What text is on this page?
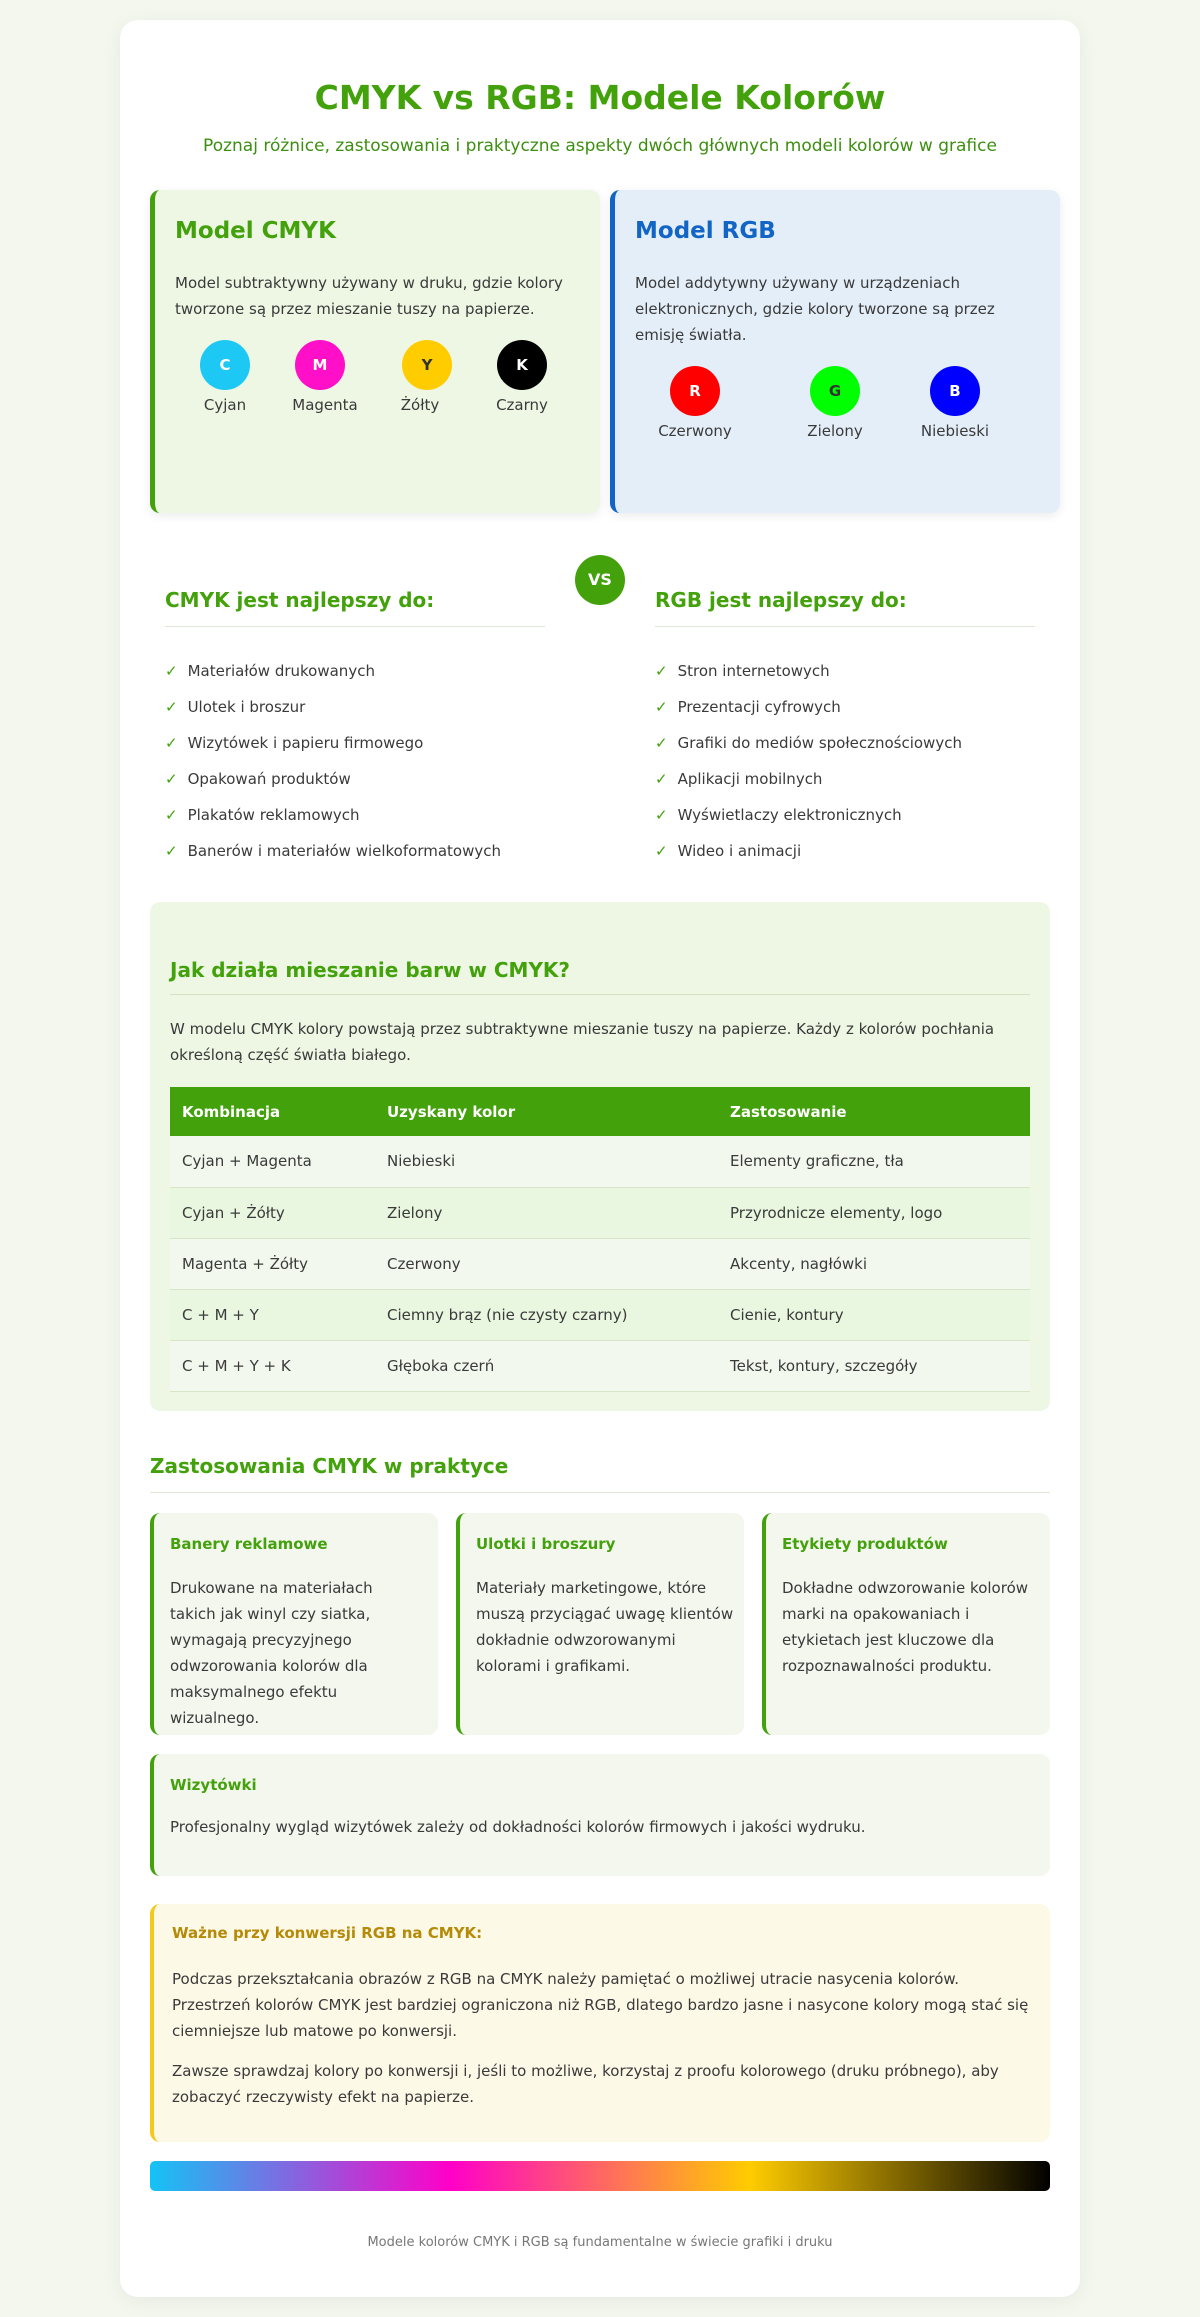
CMYK vs RGB: Modele Kolorów
Poznaj różnice, zastosowania i praktyczne aspekty dwóch głównych modeli kolorów w grafice
Model CMYK

Model subtraktywny używany w druku, gdzie kolory tworzone są przez mieszanie tuszy na papierze.

C
Cyjan
M
Magenta
Y
Żółty
K
Czarny
Model RGB

Model addytywny używany w urządzeniach elektronicznych, gdzie kolory tworzone są przez emisję światła.

R
Czerwony
G
Zielony
B
Niebieski
VS
CMYK jest najlepszy do:	RGB jest najlepszy do:
✓ Materiałów drukowanych
✓ Ulotek i broszur
✓ Wizytówek i papieru firmowego
✓ Opakowań produktów
✓ Plakatów reklamowych
✓ Banerów i materiałów wielkoformatowych
✓ Stron internetowych
✓ Prezentacji cyfrowych
✓ Grafiki do mediów społecznościowych
✓ Aplikacji mobilnych
✓ Wyświetlaczy elektronicznych
✓ Wideo i animacji
Jak działa mieszanie barw w CMYK?

W modelu CMYK kolory powstają przez subtraktywne mieszanie tuszy na papierze. Każdy z kolorów pochłania określoną część światła białego.

Kombinacja	Uzyskany kolor	Zastosowanie
Cyjan + Magenta	Niebieski	Elementy graficzne, tła
Cyjan + Żółty	Zielony	Przyrodnicze elementy, logo
Magenta + Żółty	Czerwony	Akcenty, nagłówki
C + M + Y	Ciemny brąz (nie czysty czarny)	Cienie, kontury
C + M + Y + K	Głęboka czerń	Tekst, kontury, szczegóły
Zastosowania CMYK w praktyce
Banery reklamowe

Drukowane na materiałach takich jak winyl czy siatka, wymagają precyzyjnego odwzorowania kolorów dla maksymalnego efektu wizualnego.

Ulotki i broszury

Materiały marketingowe, które muszą przyciągać uwagę klientów dokładnie odwzorowanymi kolorami i grafikami.

Etykiety produktów

Dokładne odwzorowanie kolorów marki na opakowaniach i etykietach jest kluczowe dla rozpoznawalności produktu.

Wizytówki

Profesjonalny wygląd wizytówek zależy od dokładności kolorów firmowych i jakości wydruku.

Ważne przy konwersji RGB na CMYK:

Podczas przekształcania obrazów z RGB na CMYK należy pamiętać o możliwej utracie nasycenia kolorów. Przestrzeń kolorów CMYK jest bardziej ograniczona niż RGB, dlatego bardzo jasne i nasycone kolory mogą stać się ciemniejsze lub matowe po konwersji.

Zawsze sprawdzaj kolory po konwersji i, jeśli to możliwe, korzystaj z proofu kolorowego (druku próbnego), aby zobaczyć rzeczywisty efekt na papierze.

Modele kolorów CMYK i RGB są fundamentalne w świecie grafiki i druku
